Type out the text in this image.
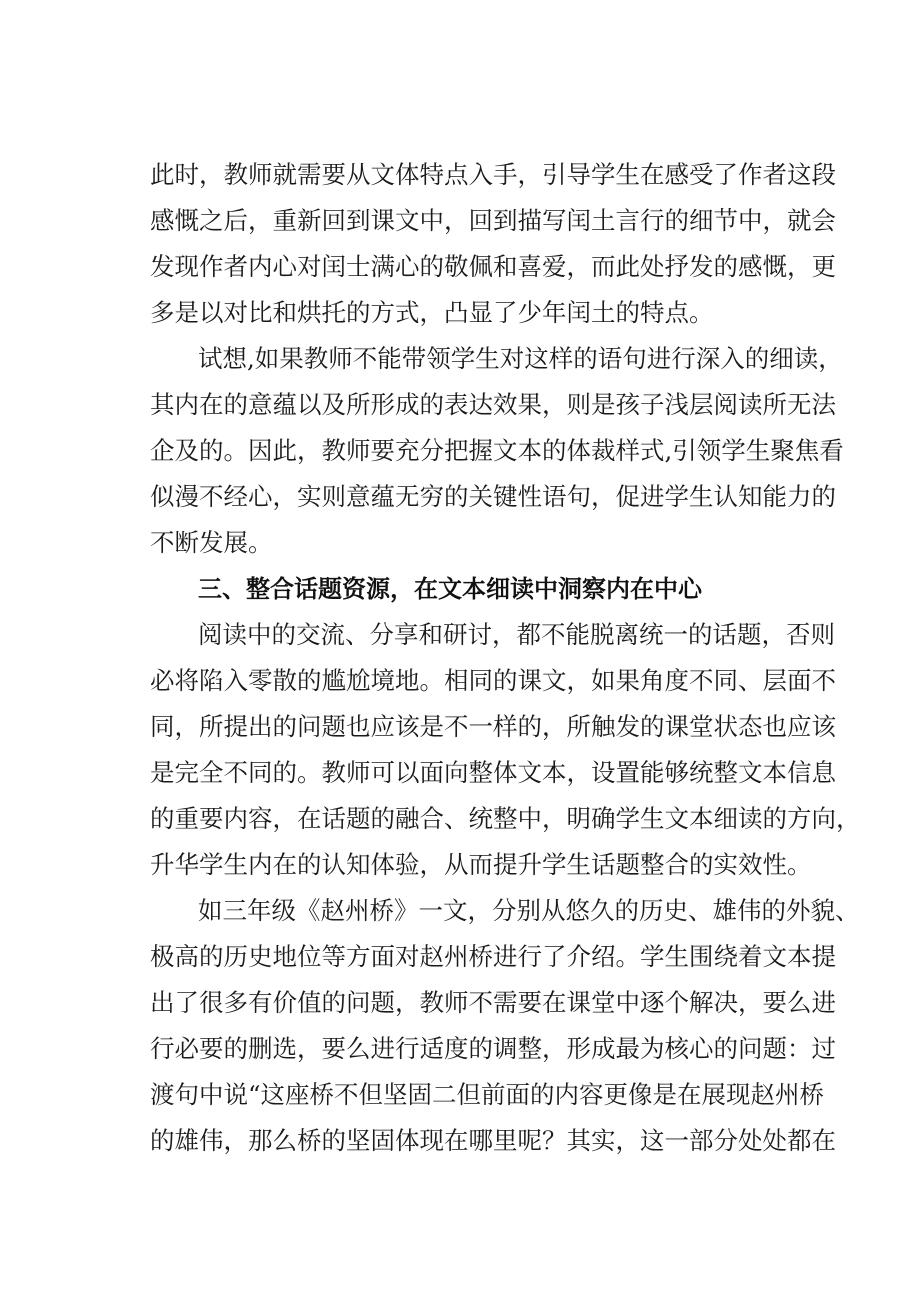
此时，教师就需要从文体特点入手，引导学生在感受了作者这段
感慨之后，重新回到课文中，回到描写闰土言行的细节中，就会
发现作者内心对闰士满心的敬佩和喜爱，而此处抒发的感慨，更
多是以对比和烘托的方式，凸显了少年闰土的特点。
试想,如果教师不能带领学生对这样的语句进行深入的细读，
其内在的意蕴以及所形成的表达效果，则是孩子浅层阅读所无法
企及的。因此，教师要充分把握文本的体裁样式,引领学生聚焦看
似漫不经心，实则意蕴无穷的关键性语句，促进学生认知能力的
不断发展。
三、整合话题资源，在文本细读中洞察内在中心
阅读中的交流、分享和研讨，都不能脱离统一的话题，否则
必将陷入零散的尴尬境地。相同的课文，如果角度不同、层面不
同，所提出的问题也应该是不一样的，所触发的课堂状态也应该
是完全不同的。教师可以面向整体文本，设置能够统整文本信息
的重要内容，在话题的融合、统整中，明确学生文本细读的方向，
升华学生内在的认知体验，从而提升学生话题整合的实效性。
如三年级《赵州桥》一文，分别从悠久的历史、雄伟的外貌、
极高的历史地位等方面对赵州桥进行了介绍。学生围绕着文本提
出了很多有价值的问题，教师不需要在课堂中逐个解决，要么进
行必要的删选，要么进行适度的调整，形成最为核心的问题：过
渡句中说“这座桥不但坚固二但前面的内容更像是在展现赵州桥
的雄伟，那么桥的坚固体现在哪里呢？其实，这一部分处处都在
